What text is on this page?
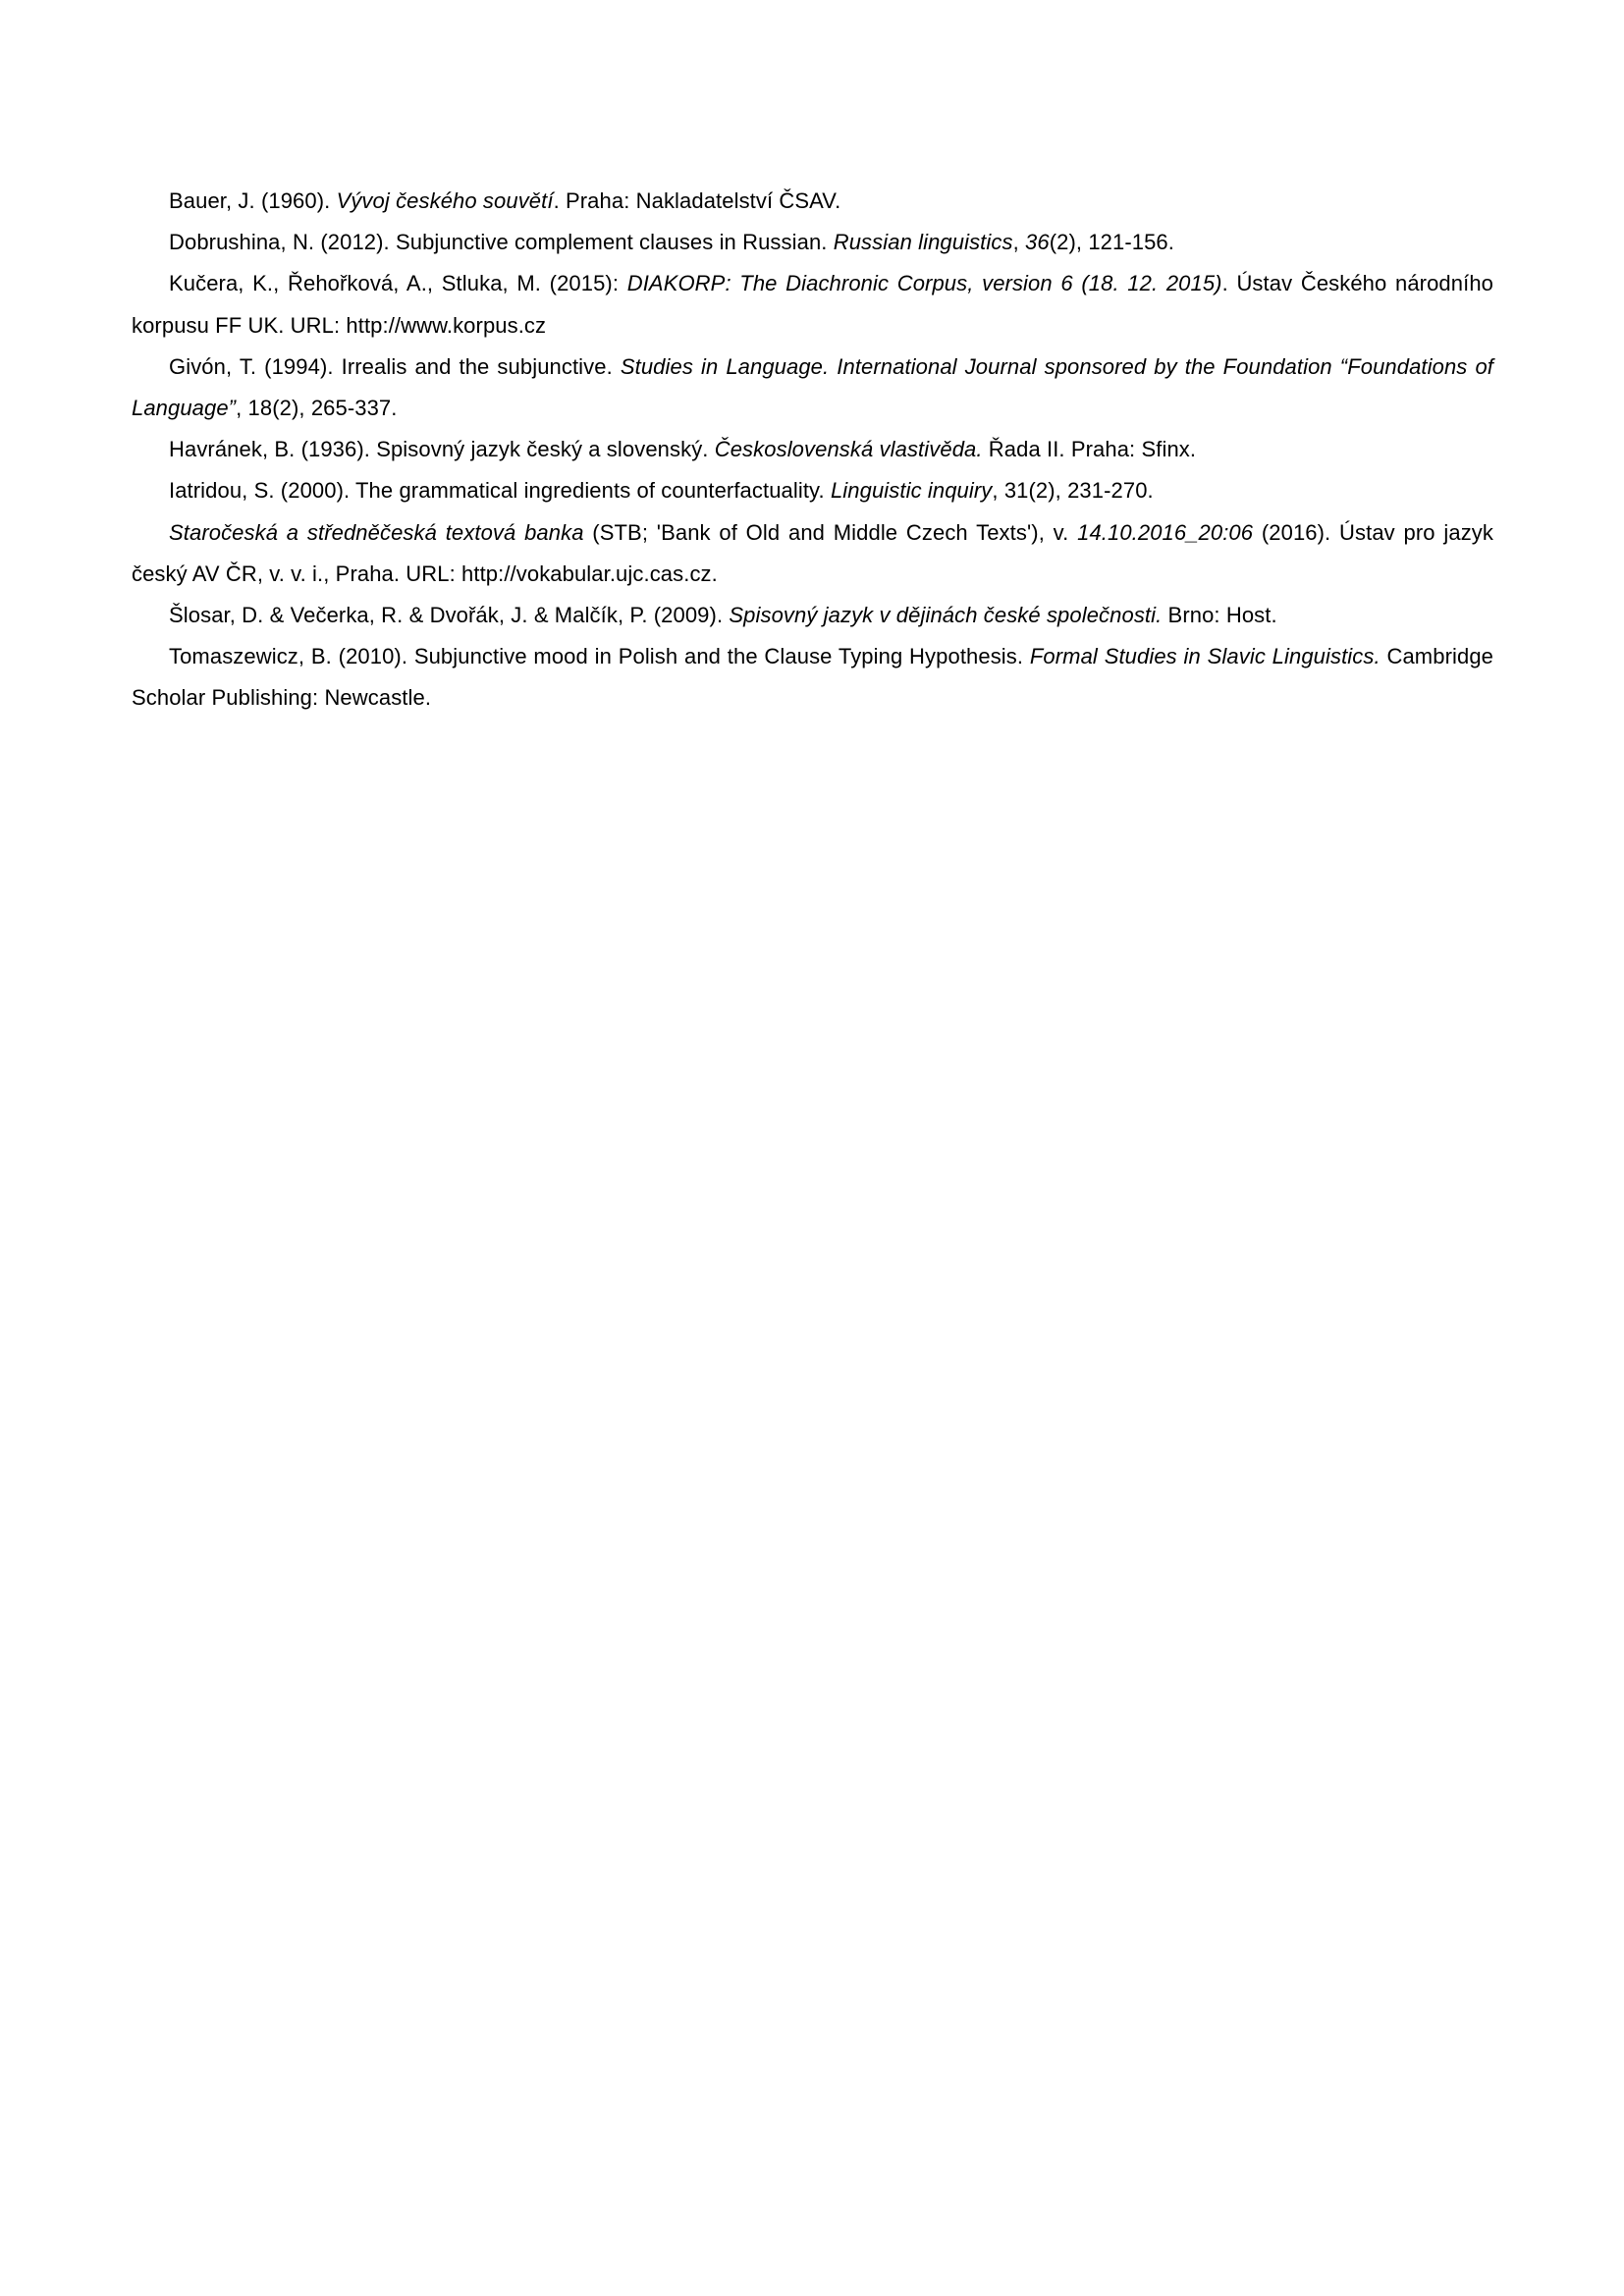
Bauer, J. (1960). Vývoj českého souvětí. Praha: Nakladatelství ČSAV.

Dobrushina, N. (2012). Subjunctive complement clauses in Russian. Russian linguistics, 36(2), 121-156.

Kučera, K., Řehořková, A., Stluka, M. (2015): DIAKORP: The Diachronic Corpus, version 6 (18. 12. 2015). Ústav Českého národního korpusu FF UK. URL: http://www.korpus.cz

Givón, T. (1994). Irrealis and the subjunctive. Studies in Language. International Journal sponsored by the Foundation “Foundations of Language”, 18(2), 265-337.

Havránek, B. (1936). Spisovný jazyk český a slovenský. Československá vlastivěda. Řada II. Praha: Sfinx.

Iatridou, S. (2000). The grammatical ingredients of counterfactuality. Linguistic inquiry, 31(2), 231-270.

Staročeská a středněčeská textová banka (STB; 'Bank of Old and Middle Czech Texts'), v. 14.10.2016_20:06 (2016). Ústav pro jazyk český AV ČR, v. v. i., Praha. URL: http://vokabular.ujc.cas.cz.

Šlosar, D. & Večerka, R. & Dvořák, J. & Malčík, P. (2009). Spisovný jazyk v dějinách české společnosti. Brno: Host.

Tomaszewicz, B. (2010). Subjunctive mood in Polish and the Clause Typing Hypothesis. Formal Studies in Slavic Linguistics. Cambridge Scholar Publishing: Newcastle.
